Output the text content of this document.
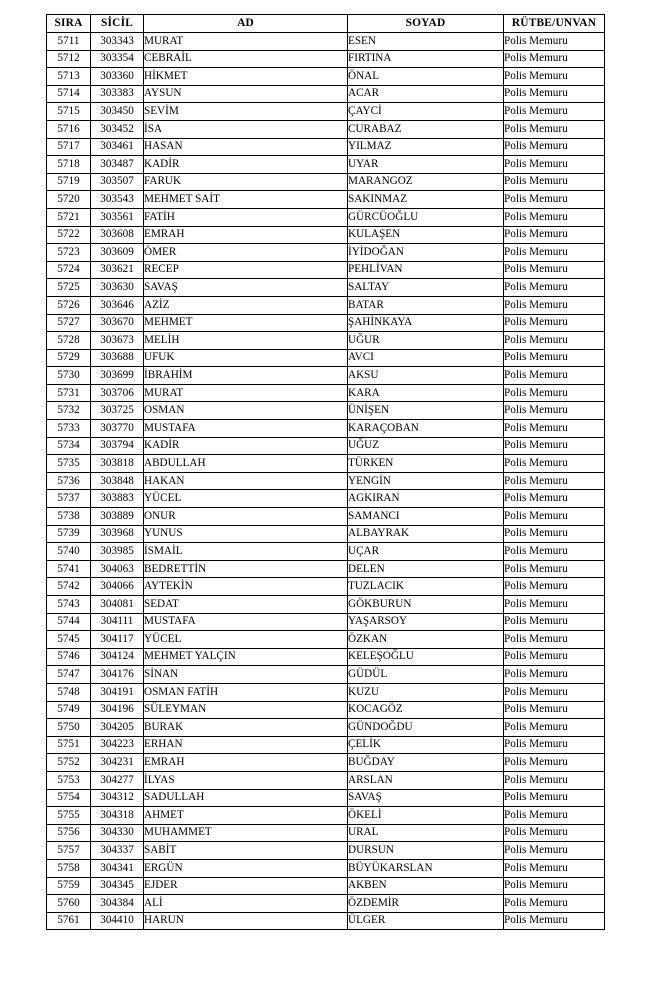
SIRA	SİCİL	AD	SOYAD	RÜTBE/UNVAN
5711	303343	MURAT	ESEN	Polis Memuru
5712	303354	CEBRAİL	FIRTINA	Polis Memuru
5713	303360	HİKMET	ÖNAL	Polis Memuru
5714	303383	AYSUN	ACAR	Polis Memuru
5715	303450	SEVİM	ÇAYCİ	Polis Memuru
5716	303452	İSA	CURABAZ	Polis Memuru
5717	303461	HASAN	YILMAZ	Polis Memuru
5718	303487	KADİR	UYAR	Polis Memuru
5719	303507	FARUK	MARANGOZ	Polis Memuru
5720	303543	MEHMET SAİT	SAKINMAZ	Polis Memuru
5721	303561	FATİH	GÜRCÜOĞLU	Polis Memuru
5722	303608	EMRAH	KULAŞEN	Polis Memuru
5723	303609	ÖMER	İYİDOĞAN	Polis Memuru
5724	303621	RECEP	PEHLİVAN	Polis Memuru
5725	303630	SAVAŞ	SALTAY	Polis Memuru
5726	303646	AZİZ	BATAR	Polis Memuru
5727	303670	MEHMET	ŞAHİNKAYA	Polis Memuru
5728	303673	MELİH	UĞUR	Polis Memuru
5729	303688	UFUK	AVCI	Polis Memuru
5730	303699	İBRAHİM	AKSU	Polis Memuru
5731	303706	MURAT	KARA	Polis Memuru
5732	303725	OSMAN	ÜNİŞEN	Polis Memuru
5733	303770	MUSTAFA	KARAÇOBAN	Polis Memuru
5734	303794	KADİR	UĞUZ	Polis Memuru
5735	303818	ABDULLAH	TÜRKEN	Polis Memuru
5736	303848	HAKAN	YENGİN	Polis Memuru
5737	303883	YÜCEL	AGKIRAN	Polis Memuru
5738	303889	ONUR	SAMANCI	Polis Memuru
5739	303968	YUNUS	ALBAYRAK	Polis Memuru
5740	303985	İSMAİL	UÇAR	Polis Memuru
5741	304063	BEDRETTİN	DELEN	Polis Memuru
5742	304066	AYTEKİN	TUZLACIK	Polis Memuru
5743	304081	SEDAT	GÖKBURUN	Polis Memuru
5744	304111	MUSTAFA	YAŞARSOY	Polis Memuru
5745	304117	YÜCEL	ÖZKAN	Polis Memuru
5746	304124	MEHMET YALÇIN	KELEŞOĞLU	Polis Memuru
5747	304176	SİNAN	GÜDÜL	Polis Memuru
5748	304191	OSMAN FATİH	KUZU	Polis Memuru
5749	304196	SÜLEYMAN	KOCAGÖZ	Polis Memuru
5750	304205	BURAK	GÜNDOĞDU	Polis Memuru
5751	304223	ERHAN	ÇELİK	Polis Memuru
5752	304231	EMRAH	BUĞDAY	Polis Memuru
5753	304277	İLYAS	ARSLAN	Polis Memuru
5754	304312	SADULLAH	SAVAŞ	Polis Memuru
5755	304318	AHMET	ÖKELİ	Polis Memuru
5756	304330	MUHAMMET	URAL	Polis Memuru
5757	304337	SABİT	DURSUN	Polis Memuru
5758	304341	ERGÜN	BÜYÜKARSLAN	Polis Memuru
5759	304345	EJDER	AKBEN	Polis Memuru
5760	304384	ALİ	ÖZDEMİR	Polis Memuru
5761	304410	HARUN	ÜLGER	Polis Memuru
